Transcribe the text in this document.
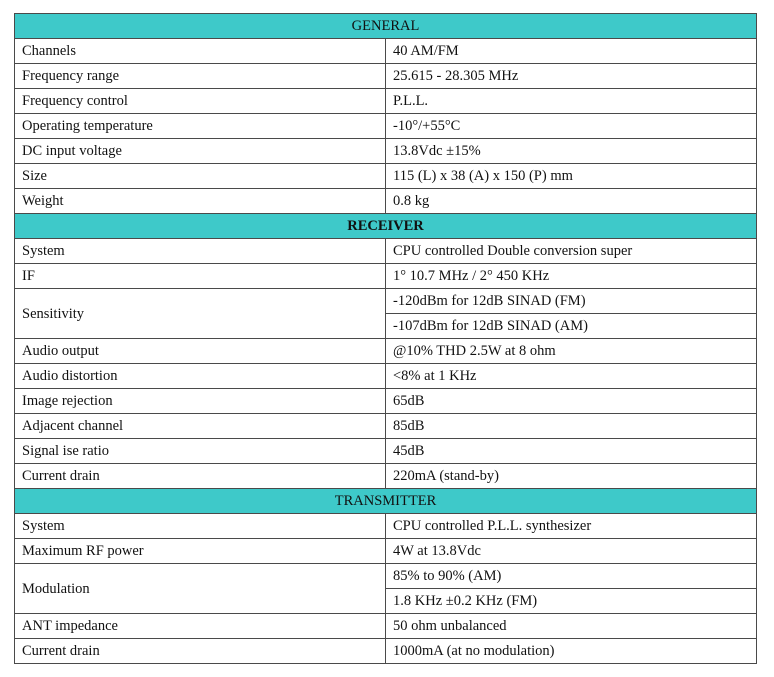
GENERAL	
Channels	40 AM/FM
Frequency range	25.615 - 28.305 MHz
Frequency control	P.L.L.
Operating temperature	-10°/+55°C
DC input voltage	13.8Vdc ±15%
Size	115 (L) x 38 (A) x 150 (P) mm
Weight	0.8 kg
RECEIVER	
System	CPU controlled Double conversion super
IF	1° 10.7 MHz / 2° 450 KHz
Sensitivity	-120dBm for 12dB SINAD (FM)
	-107dBm for 12dB SINAD (AM)
Audio output	@10% THD 2.5W at 8 ohm
Audio distortion	<8% at 1 KHz
Image rejection	65dB
Adjacent channel	85dB
Signal ise ratio	45dB
Current drain	220mA (stand-by)
TRANSMITTER	
System	CPU controlled P.L.L. synthesizer
Maximum RF power	4W at 13.8Vdc
Modulation	85% to 90% (AM)
	1.8 KHz ±0.2 KHz (FM)
ANT impedance	50 ohm unbalanced
Current drain	1000mA (at no modulation)
